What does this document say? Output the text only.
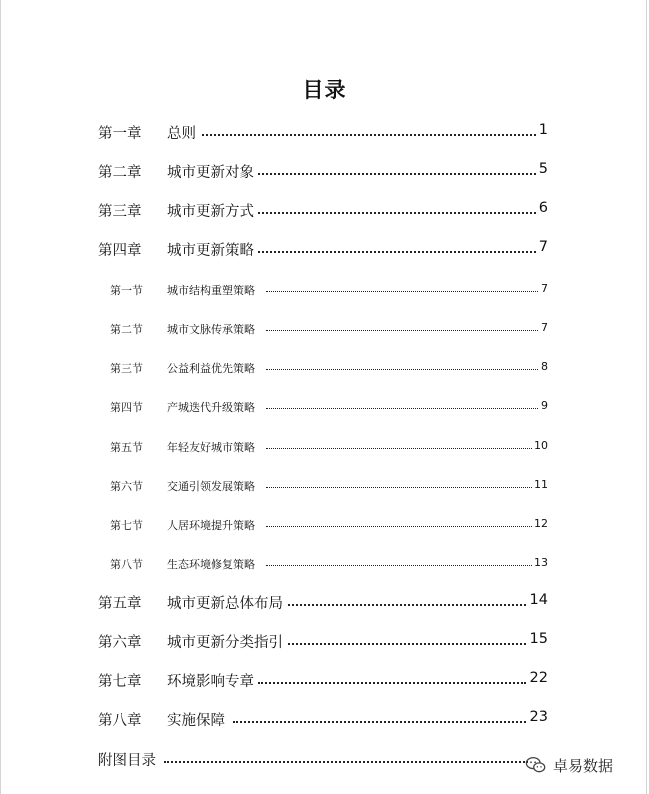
目录
第一章 总则	1
第二章 城市更新对象	5
第三章 城市更新方式	6
第四章 城市更新策略	7
第一节 城市结构重塑策略	7
第二节 城市文脉传承策略	7
第三节 公益利益优先策略	8
第四节 产城迭代升级策略	9
第五节 年轻友好城市策略	10
第六节 交通引领发展策略	11
第七节 人居环境提升策略	12
第八节 生态环境修复策略	13
第五章 城市更新总体布局	14
第六章 城市更新分类指引	15
第七章 环境影响专章	22
第八章 实施保障	23
附图目录	卓易数据
